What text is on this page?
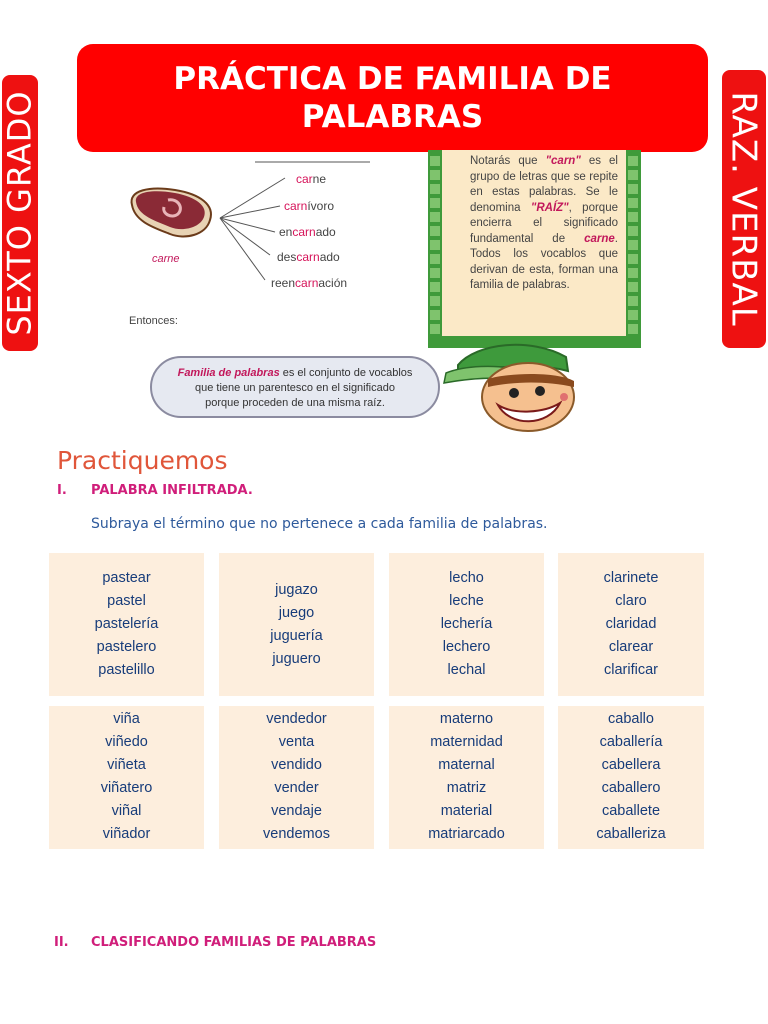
SEXTO GRADO	RAZ. VERBAL
PRÁCTICA DE FAMILIA DE
PALABRAS
carne
carne
carnívoro
encarnado
descarnado
reencarnación
Entonces:
Notarás que "carn" es el grupo de letras que se repite en estas palabras. Se le denomina "RAÍZ", porque encierra el significado fundamental de carne. Todos los vocablos que derivan de esta, forman una familia de palabras.
Familia de palabras es el conjunto de vocablos
que tiene un parentesco en el significado
porque proceden de una misma raíz.
Practiquemos
I. PALABRA INFILTRADA.
Subraya el término que no pertenece a cada familia de palabras.
pastear
pastel
pastelería
pastelero
pastelillo
jugazo
juego
juguería
juguero
lecho
leche
lechería
lechero
lechal
clarinete
claro
claridad
clarear
clarificar
viña
viñedo
viñeta
viñatero
viñal
viñador
vendedor
venta
vendido
vender
vendaje
vendemos
materno
maternidad
maternal
matriz
material
matriarcado
caballo
caballería
cabellera
caballero
caballete
caballeriza
II. CLASIFICANDO FAMILIAS DE PALABRAS
